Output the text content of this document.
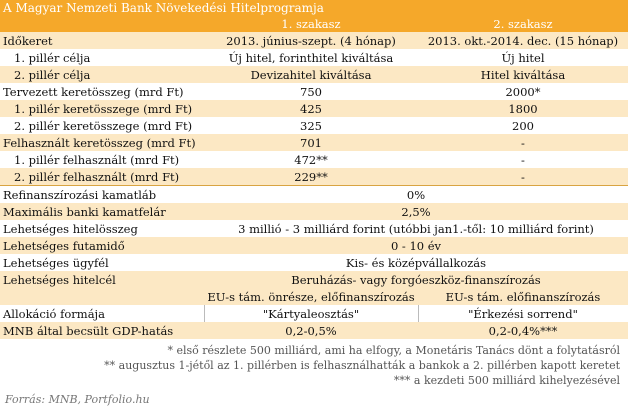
A Magyar Nemzeti Bank Növekedési Hitelprogramja
1. szakasz	2. szakasz
Időkeret	2013. június-szept. (4 hónap)	2013. okt.-2014. dec. (15 hónap)
1. pillér célja	Új hitel, forinthitel kiváltása	Új hitel
2. pillér célja	Devizahitel kiváltása	Hitel kiváltása
Tervezett keretösszeg (mrd Ft)	750	2000*
1. pillér keretösszege (mrd Ft)	425	1800
2. pillér keretösszege (mrd Ft)	325	200
Felhasznált keretösszeg (mrd Ft)	701	-
1. pillér felhasznált (mrd Ft)	472**	-
2. pillér felhasznált (mrd Ft)	229**	-
Refinanszírozási kamatláb	0%	
Maximális banki kamatfelár	2,5%	
Lehetséges hitelösszeg	3 millió - 3 milliárd forint (utóbbi jan1.-től: 10 milliárd forint)	
Lehetséges futamidő	0 - 10 év	
Lehetséges ügyfél	Kis- és középvállalkozás	
Lehetséges hitelcél	Beruházás- vagy forgóeszköz-finanszírozás	
	EU-s tám. önrésze, előfinanszírozás	EU-s tám. előfinanszírozás
Allokáció formája	"Kártyaleosztás"	"Érkezési sorrend"
MNB által becsült GDP-hatás	0,2-0,5%	0,2-0,4%***
* első részlete 500 milliárd, ami ha elfogy, a Monetáris Tanács dönt a folytatásról
** augusztus 1-jétől az 1. pillérben is felhasználhatták a bankok a 2. pillérben kapott keretet
*** a kezdeti 500 milliárd kihelyezésével
Forrás: MNB, Portfolio.hu
